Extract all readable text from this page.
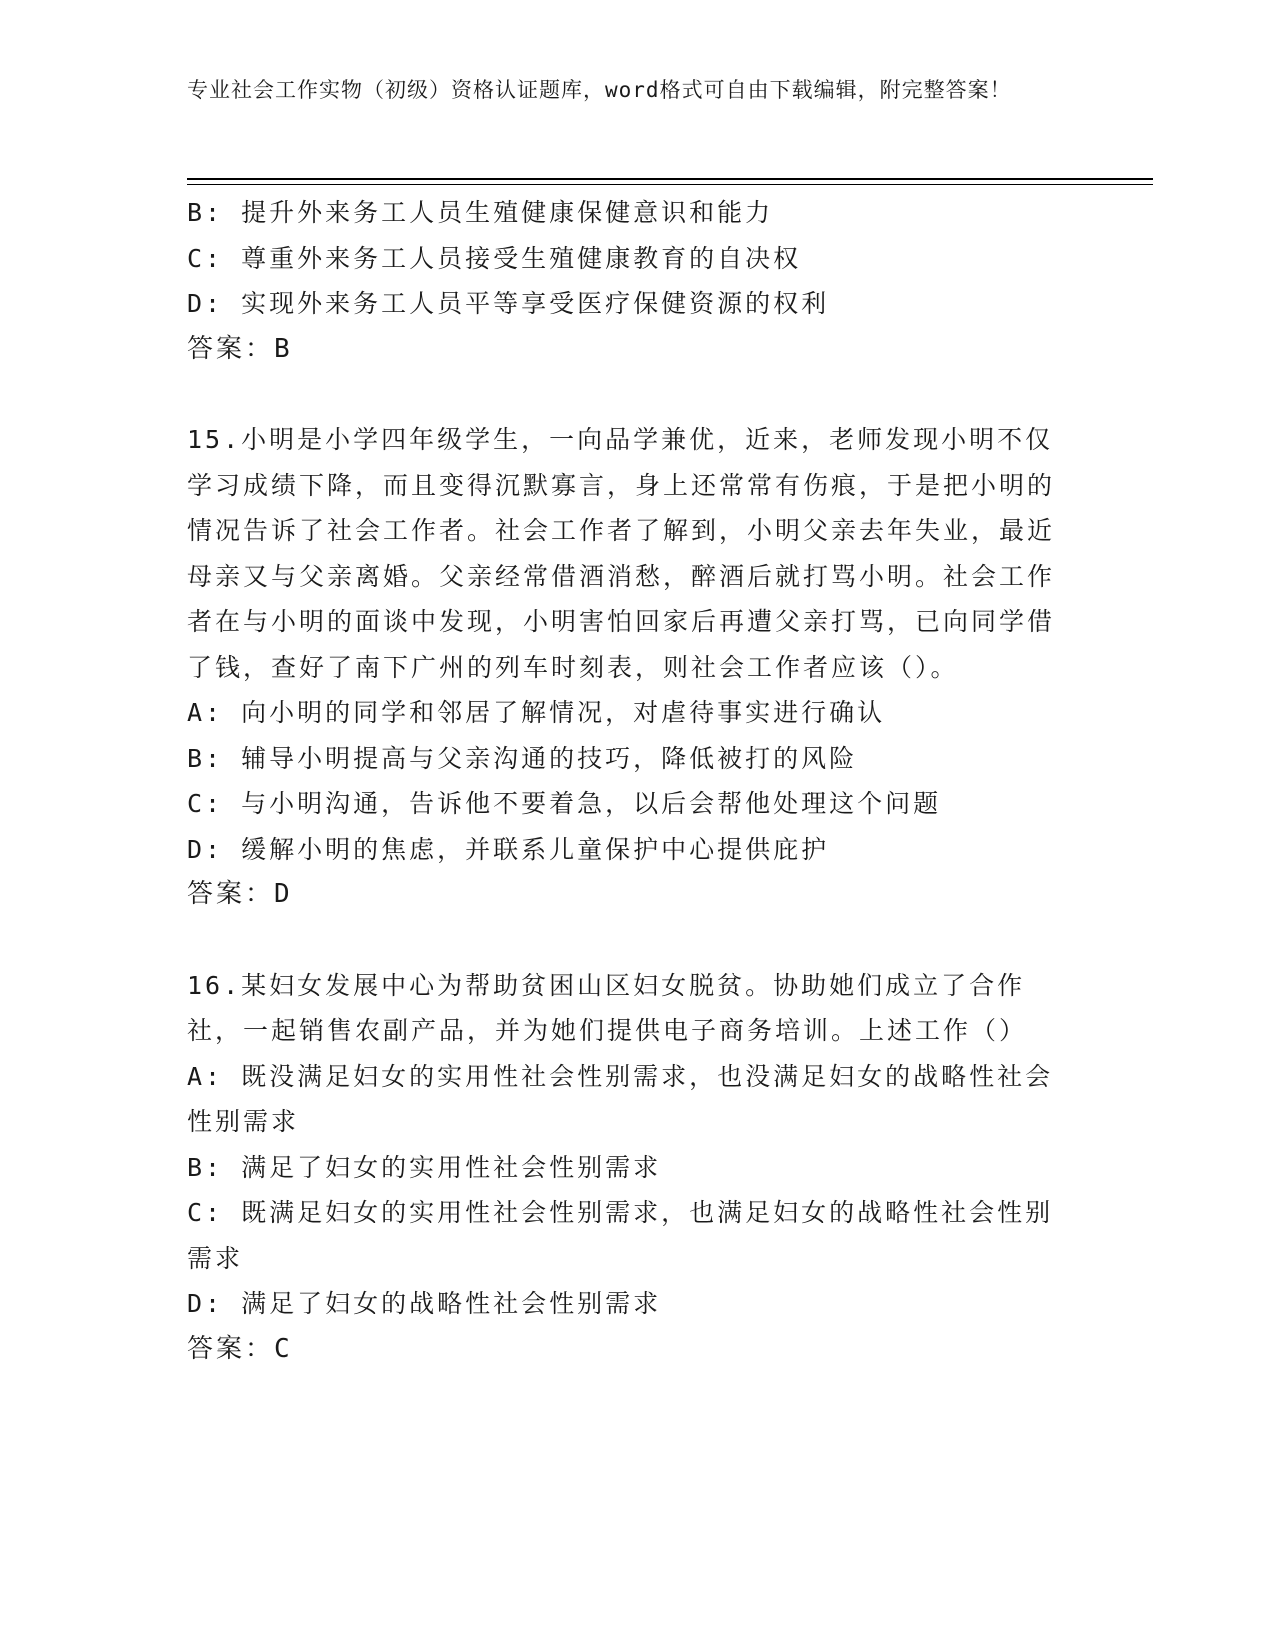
专业社会工作实物（初级）资格认证题库，word格式可自由下载编辑，附完整答案！
B: 提升外来务工人员生殖健康保健意识和能力
C: 尊重外来务工人员接受生殖健康教育的自决权
D: 实现外来务工人员平等享受医疗保健资源的权利
答案：B
15.小明是小学四年级学生，一向品学兼优，近来，老师发现小明不仅学习成绩下降，而且变得沉默寡言，身上还常常有伤痕，于是把小明的情况告诉了社会工作者。社会工作者了解到，小明父亲去年失业，最近母亲又与父亲离婚。父亲经常借酒消愁，醉酒后就打骂小明。社会工作者在与小明的面谈中发现，小明害怕回家后再遭父亲打骂，已向同学借了钱，查好了南下广州的列车时刻表，则社会工作者应该（）。
A: 向小明的同学和邻居了解情况，对虐待事实进行确认
B: 辅导小明提高与父亲沟通的技巧，降低被打的风险
C: 与小明沟通，告诉他不要着急，以后会帮他处理这个问题
D: 缓解小明的焦虑，并联系儿童保护中心提供庇护
答案：D
16.某妇女发展中心为帮助贫困山区妇女脱贫。协助她们成立了合作社，一起销售农副产品，并为她们提供电子商务培训。上述工作（）
A: 既没满足妇女的实用性社会性别需求，也没满足妇女的战略性社会性别需求
B: 满足了妇女的实用性社会性别需求
C: 既满足妇女的实用性社会性别需求，也满足妇女的战略性社会性别需求
D: 满足了妇女的战略性社会性别需求
答案：C
